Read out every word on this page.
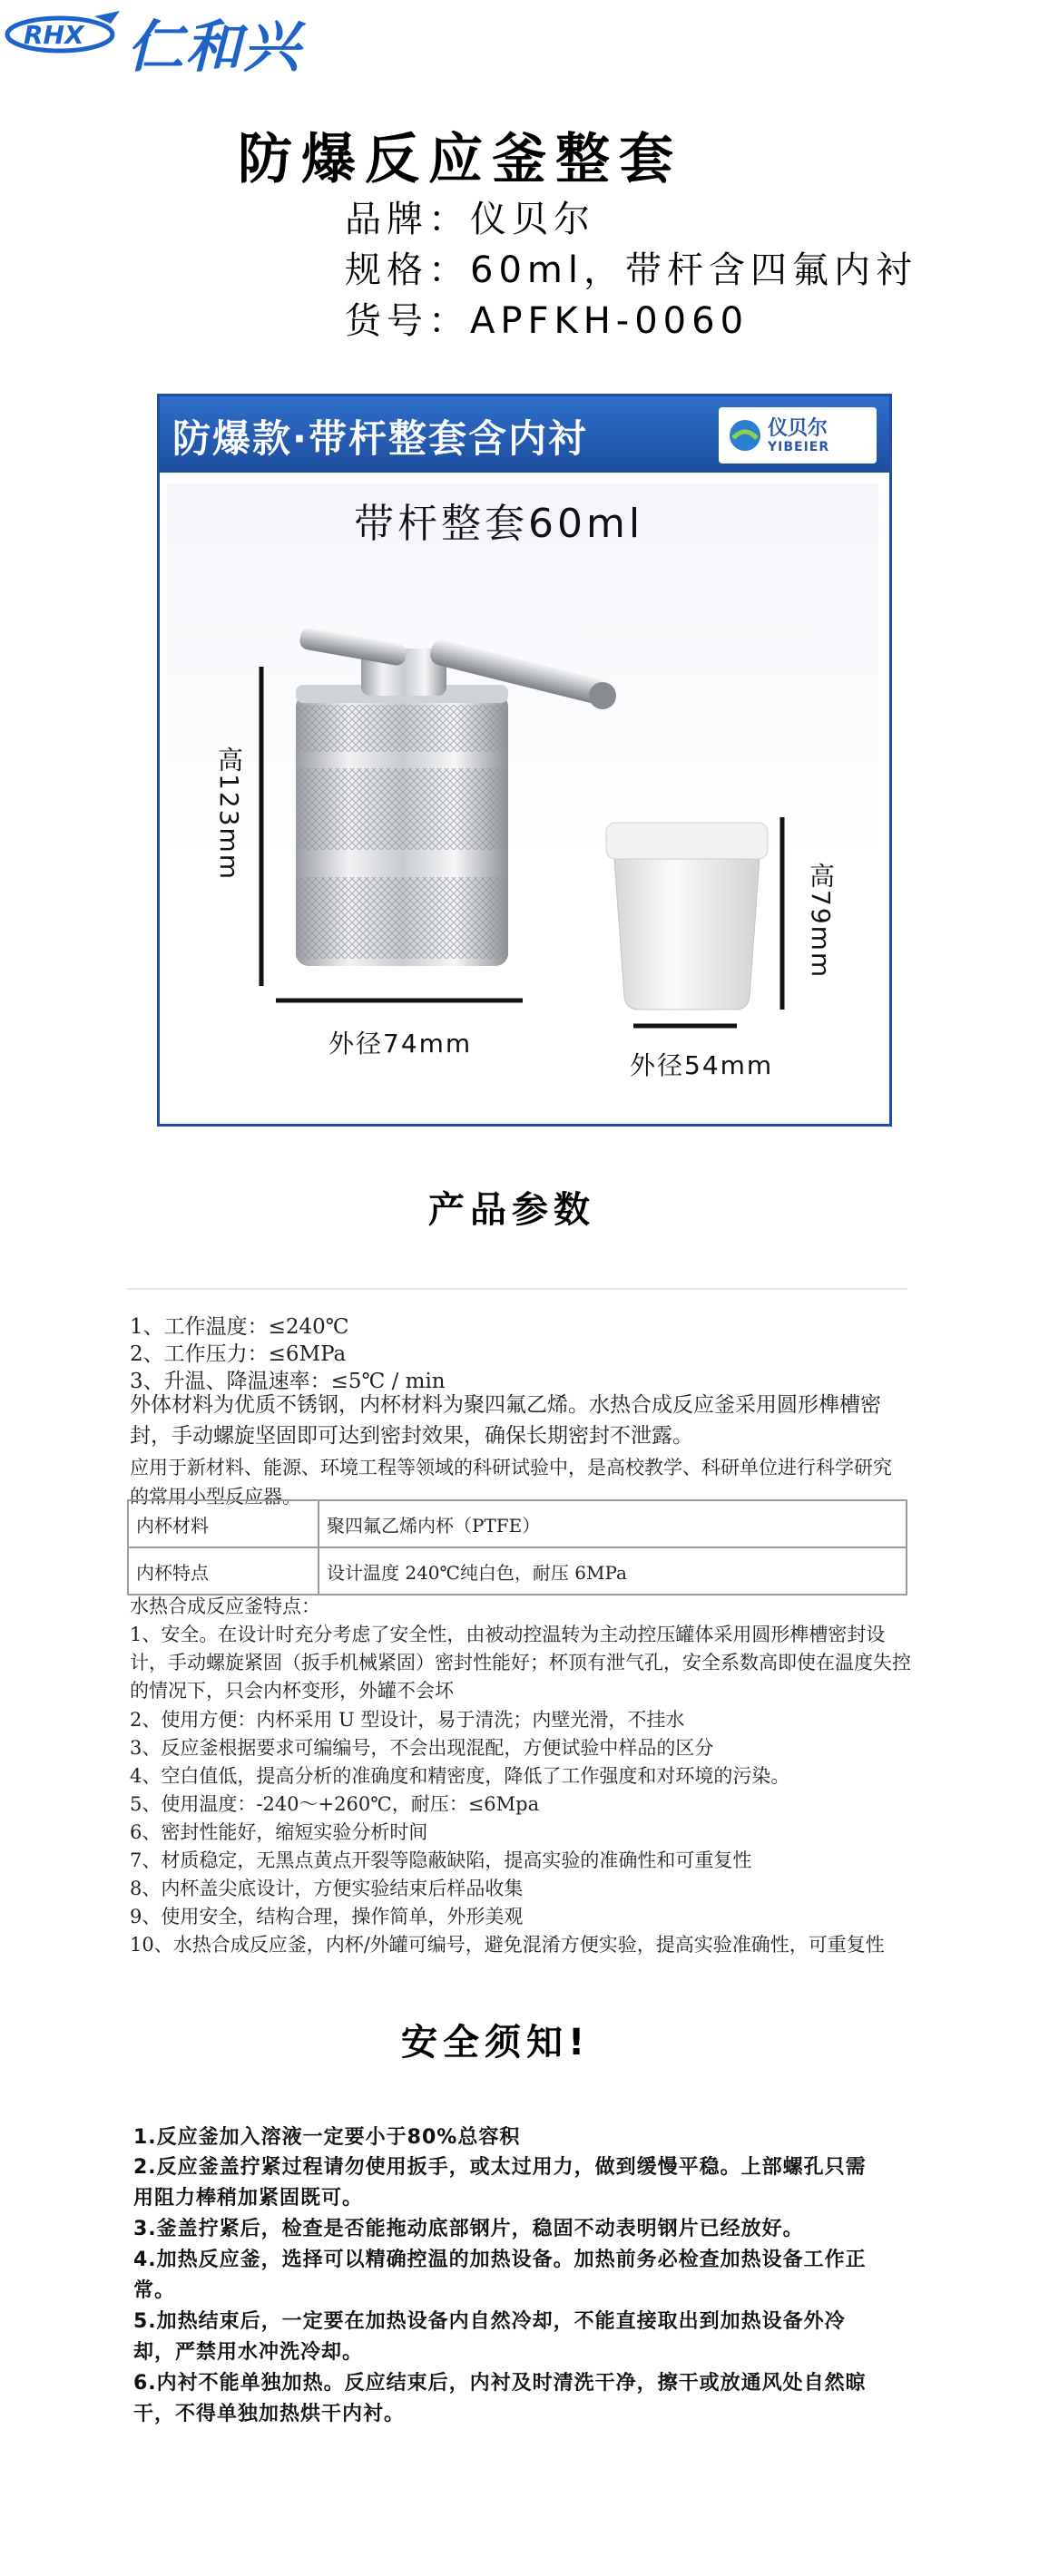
RHX 仁和兴
防爆反应釜整套
品牌：仪贝尔
规格：60ml，带杆含四氟内衬
货号：APFKH-0060
防爆款·带杆整套含内衬	仪贝尔
YIBEIER
带杆整套60ml
高123mm
外径74mm
高79mm
外径54mm
产品参数
1、工作温度：≤240℃
2、工作压力：≤6MPa
3、升温、降温速率：≤5℃ / min
外体材料为优质不锈钢，内杯材料为聚四氟乙烯。水热合成反应釜采用圆形榫槽密封，手动螺旋坚固即可达到密封效果，确保长期密封不泄露。
应用于新材料、能源、环境工程等领域的科研试验中，是高校教学、科研单位进行科学研究的常用小型反应器。
内杯材料	聚四氟乙烯内杯（PTFE）
内杯特点	设计温度 240℃纯白色，耐压 6MPa
水热合成反应釜特点：
1、安全。在设计时充分考虑了安全性，由被动控温转为主动控压罐体采用圆形榫槽密封设计，手动螺旋紧固（扳手机械紧固）密封性能好；杯顶有泄气孔，安全系数高即使在温度失控的情况下，只会内杯变形，外罐不会坏
2、使用方便：内杯采用 U 型设计，易于清洗；内壁光滑，不挂水
3、反应釜根据要求可编编号，不会出现混配，方便试验中样品的区分
4、空白值低，提高分析的准确度和精密度，降低了工作强度和对环境的污染。
5、使用温度：-240～+260℃，耐压：≤6Mpa
6、密封性能好，缩短实验分析时间
7、材质稳定，无黑点黄点开裂等隐蔽缺陷，提高实验的准确性和可重复性
8、内杯盖尖底设计，方便实验结束后样品收集
9、使用安全，结构合理，操作简单，外形美观
10、水热合成反应釜，内杯/外罐可编号，避免混淆方便实验，提高实验准确性，可重复性
安全须知!
1.反应釜加入溶液一定要小于80%总容积
2.反应釜盖拧紧过程请勿使用扳手，或太过用力，做到缓慢平稳。上部螺孔只需用阻力棒稍加紧固既可。
3.釜盖拧紧后，检查是否能拖动底部钢片，稳固不动表明钢片已经放好。
4.加热反应釜，选择可以精确控温的加热设备。加热前务必检查加热设备工作正常。
5.加热结束后，一定要在加热设备内自然冷却，不能直接取出到加热设备外冷却，严禁用水冲洗冷却。
6.内衬不能单独加热。反应结束后，内衬及时清洗干净，擦干或放通风处自然晾干，不得单独加热烘干内衬。
